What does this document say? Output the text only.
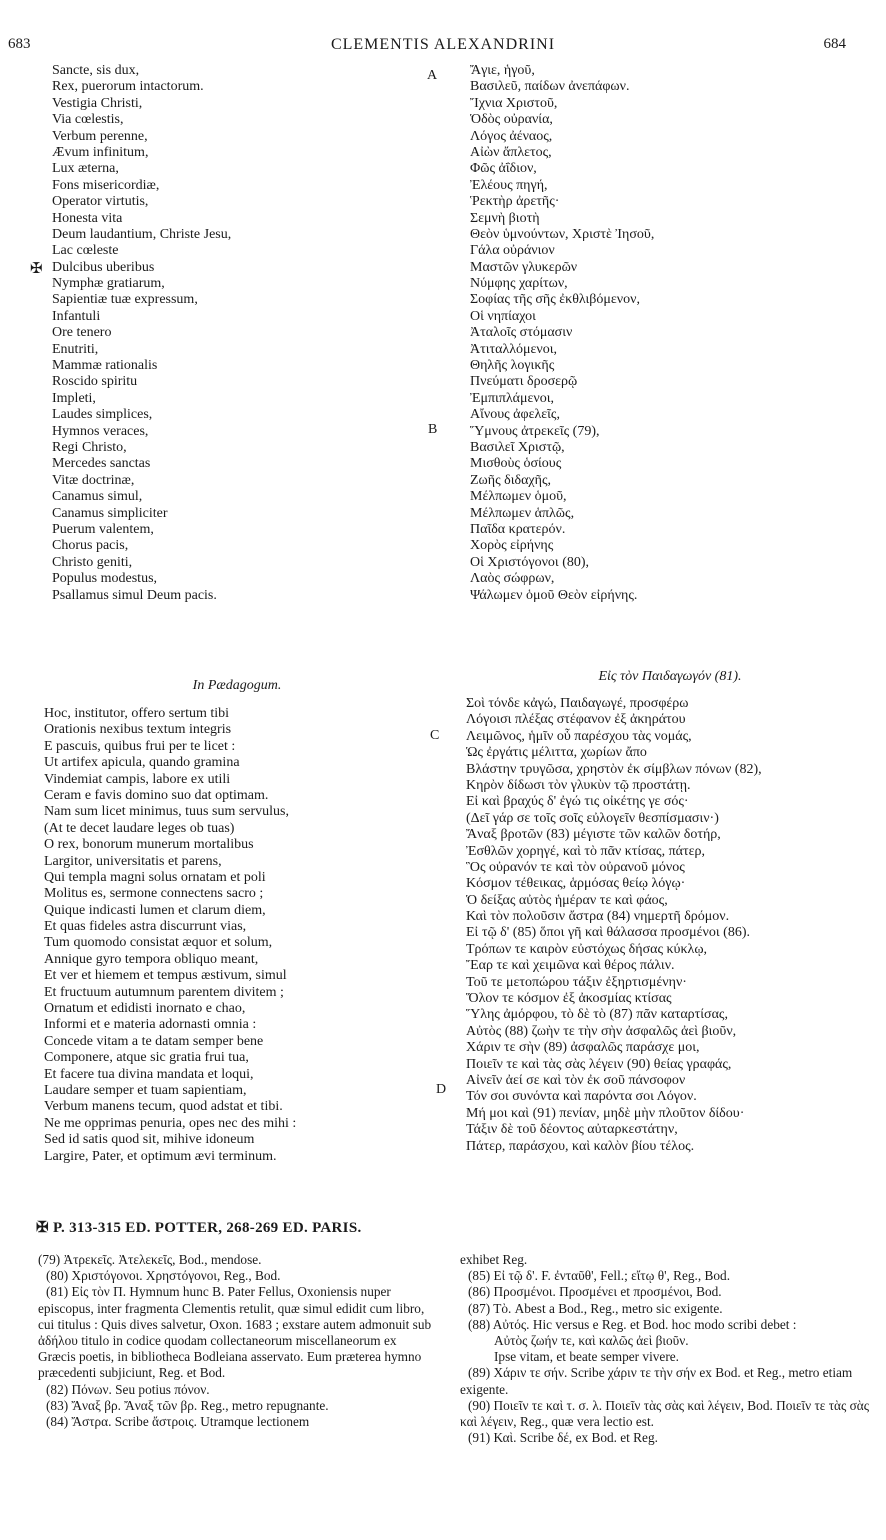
683	CLEMENTIS ALEXANDRINI	684
✠
A
B
C
D
Sancte, sis dux,
Rex, puerorum intactorum.
Vestigia Christi,
Via cœlestis,
Verbum perenne,
Ævum infinitum,
Lux æterna,
Fons misericordiæ,
Operator virtutis,
Honesta vita
Deum laudantium, Christe Jesu,
Lac cœleste
Dulcibus uberibus
Nymphæ gratiarum,
Sapientiæ tuæ expressum,
Infantuli
Ore tenero
Enutriti,
Mammæ rationalis
Roscido spiritu
Impleti,
Laudes simplices,
Hymnos veraces,
Regi Christo,
Mercedes sanctas
Vitæ doctrinæ,
Canamus simul,
Canamus simpliciter
Puerum valentem,
Chorus pacis,
Christo geniti,
Populus modestus,
Psallamus simul Deum pacis.
Ἄγιε, ἡγοῦ,
Βασιλεῦ, παίδων ἀνεπάφων.
Ἴχνια Χριστοῦ,
Ὁδὸς οὐρανία,
Λόγος ἀέναος,
Αἰὼν ἄπλετος,
Φῶς ἀΐδιον,
Ἐλέους πηγή,
Ῥεκτὴρ ἀρετῆς·
Σεμνὴ βιοτὴ
Θεὸν ὑμνούντων, Χριστὲ Ἰησοῦ,
Γάλα οὐράνιον
Μαστῶν γλυκερῶν
Νύμφης χαρίτων,
Σοφίας τῆς σῆς ἐκθλιβόμενον,
Οἱ νηπίαχοι
Ἀταλοῖς στόμασιν
Ἀτιταλλόμενοι,
Θηλῆς λογικῆς
Πνεύματι δροσερῷ
Ἐμπιπλάμενοι,
Αἴνους ἀφελεῖς,
Ὕμνους ἀτρεκεῖς (79),
Βασιλεῖ Χριστῷ,
Μισθοὺς ὁσίους
Ζωῆς διδαχῆς,
Μέλπωμεν ὁμοῦ,
Μέλπωμεν ἁπλῶς,
Παῖδα κρατερόν.
Χορὸς εἰρήνης
Οἱ Χριστόγονοι (80),
Λαὸς σώφρων,
Ψάλωμεν ὁμοῦ Θεὸν εἰρήνης.
In Pædagogum.
Hoc, institutor, offero sertum tibi
Orationis nexibus textum integris
E pascuis, quibus frui per te licet :
Ut artifex apicula, quando gramina
Vindemiat campis, labore ex utili
Ceram e favis domino suo dat optimam.
Nam sum licet minimus, tuus sum servulus,
(At te decet laudare leges ob tuas)
O rex, bonorum munerum mortalibus
Largitor, universitatis et parens,
Qui templa magni solus ornatam et poli
Molitus es, sermone connectens sacro ;
Quique indicasti lumen et clarum diem,
Et quas fideles astra discurrunt vias,
Tum quomodo consistat æquor et solum,
Annique gyro tempora obliquo meant,
Et ver et hiemem et tempus æstivum, simul
Et fructuum autumnum parentem divitem ;
Ornatum et edidisti inornato e chao,
Informi et e materia adornasti omnia :
Concede vitam a te datam semper bene
Componere, atque sic gratia frui tua,
Et facere tua divina mandata et loqui,
Laudare semper et tuam sapientiam,
Verbum manens tecum, quod adstat et tibi.
Ne me opprimas penuria, opes nec des mihi :
Sed id satis quod sit, mihive idoneum
Largire, Pater, et optimum ævi terminum.
Εἰς τὸν Παιδαγωγόν (81).
Σοὶ τόνδε κἀγώ, Παιδαγωγέ, προσφέρω
Λόγοισι πλέξας στέφανον ἐξ ἀκηράτου
Λειμῶνος, ἡμῖν οὗ παρέσχου τὰς νομάς,
Ὡς ἐργάτις μέλιττα, χωρίων ἄπο
Βλάστην τρυγῶσα, χρηστὸν ἐκ σίμβλων πόνων (82),
Κηρὸν δίδωσι τὸν γλυκὺν τῷ προστάτῃ.
Εἰ καὶ βραχύς δ' ἐγώ τις οἰκέτης γε σός·
(Δεῖ γάρ σε τοῖς σοῖς εὐλογεῖν θεσπίσμασιν·)
Ἄναξ βροτῶν (83) μέγιστε τῶν καλῶν δοτήρ,
Ἐσθλῶν χορηγέ, καὶ τὸ πᾶν κτίσας, πάτερ,
Ὃς οὐρανόν τε καὶ τὸν οὐρανοῦ μόνος
Κόσμον τέθεικας, ἁρμόσας θείῳ λόγῳ·
Ὁ δείξας αὐτὸς ἡμέραν τε καὶ φάος,
Καὶ τὸν πολοῦσιν ἄστρα (84) νημερτῆ δρόμον.
Εἰ τῷ δ' (85) ὅποι γῆ καὶ θάλασσα προσμένοι (86).
Τρόπων τε καιρὸν εὐστόχως δήσας κύκλῳ,
Ἔαρ τε καὶ χειμῶνα καὶ θέρος πάλιν.
Τοῦ τε μετοπώρου τάξιν ἐξηρτισμένην·
Ὅλον τε κόσμον ἐξ ἀκοσμίας κτίσας
Ὕλης ἀμόρφου, τὸ δὲ τὸ (87) πᾶν καταρτίσας,
Αὐτὸς (88) ζωὴν τε τὴν σὴν ἀσφαλῶς ἀεὶ βιοῦν,
Χάριν τε σὴν (89) ἀσφαλῶς παράσχε μοι,
Ποιεῖν τε καὶ τὰς σὰς λέγειν (90) θείας γραφάς,
Αἰνεῖν ἀεί σε καὶ τὸν ἐκ σοῦ πάνσοφον
Τόν σοι συνόντα καὶ παρόντα σοι Λόγον.
Μή μοι καὶ (91) πενίαν, μηδὲ μὴν πλοῦτον δίδου·
Τάξιν δὲ τοῦ δέοντος αὐταρκεστάτην,
Πάτερ, παράσχου, καὶ καλὸν βίου τέλος.
✠ P. 313-315 ED. POTTER, 268-269 ED. PARIS.

(79) Ἀτρεκεῖς. Ἀτελεκεῖς, Bod., mendose.

(80) Χριστόγονοι. Χρηστόγονοι, Reg., Bod.

(81) Εἰς τὸν Π. Hymnum hunc B. Pater Fellus, Oxoniensis nuper episcopus, inter fragmenta Clementis retulit, quæ simul edidit cum libro, cui titulus : Quis dives salvetur, Oxon. 1683 ; exstare autem admonuit sub ἀδήλου titulo in codice quodam collectaneorum miscellaneorum ex Græcis poetis, in bibliotheca Bodleiana asservato. Eum præterea hymno præcedenti subjiciunt, Reg. et Bod.

(82) Πόνων. Seu potius πόνον.

(83) Ἄναξ βρ. Ἄναξ τῶν βρ. Reg., metro repugnante.

(84) Ἄστρα. Scribe ἄστροις. Utramque lectionem

exhibet Reg.

(85) Εἰ τῷ δ'. F. ἐνταῦθ', Fell.; εἴτῳ θ', Reg., Bod.

(86) Προσμένοι. Προσμένει et προσμένοι, Bod.

(87) Τὸ. Abest a Bod., Reg., metro sic exigente.

(88) Αὐτός. Hic versus e Reg. et Bod. hoc modo scribi debet :

Αὐτὸς ζωήν τε, καὶ καλῶς ἀεὶ βιοῦν.

Ipse vitam, et beate semper vivere.

(89) Χάριν τε σήν. Scribe χάριν τε τὴν σήν ex Bod. et Reg., metro etiam exigente.

(90) Ποιεῖν τε καὶ τ. σ. λ. Ποιεῖν τὰς σὰς καὶ λέγειν, Bod. Ποιεῖν τε τὰς σὰς καὶ λέγειν, Reg., quæ vera lectio est.

(91) Καὶ. Scribe δέ, ex Bod. et Reg.
